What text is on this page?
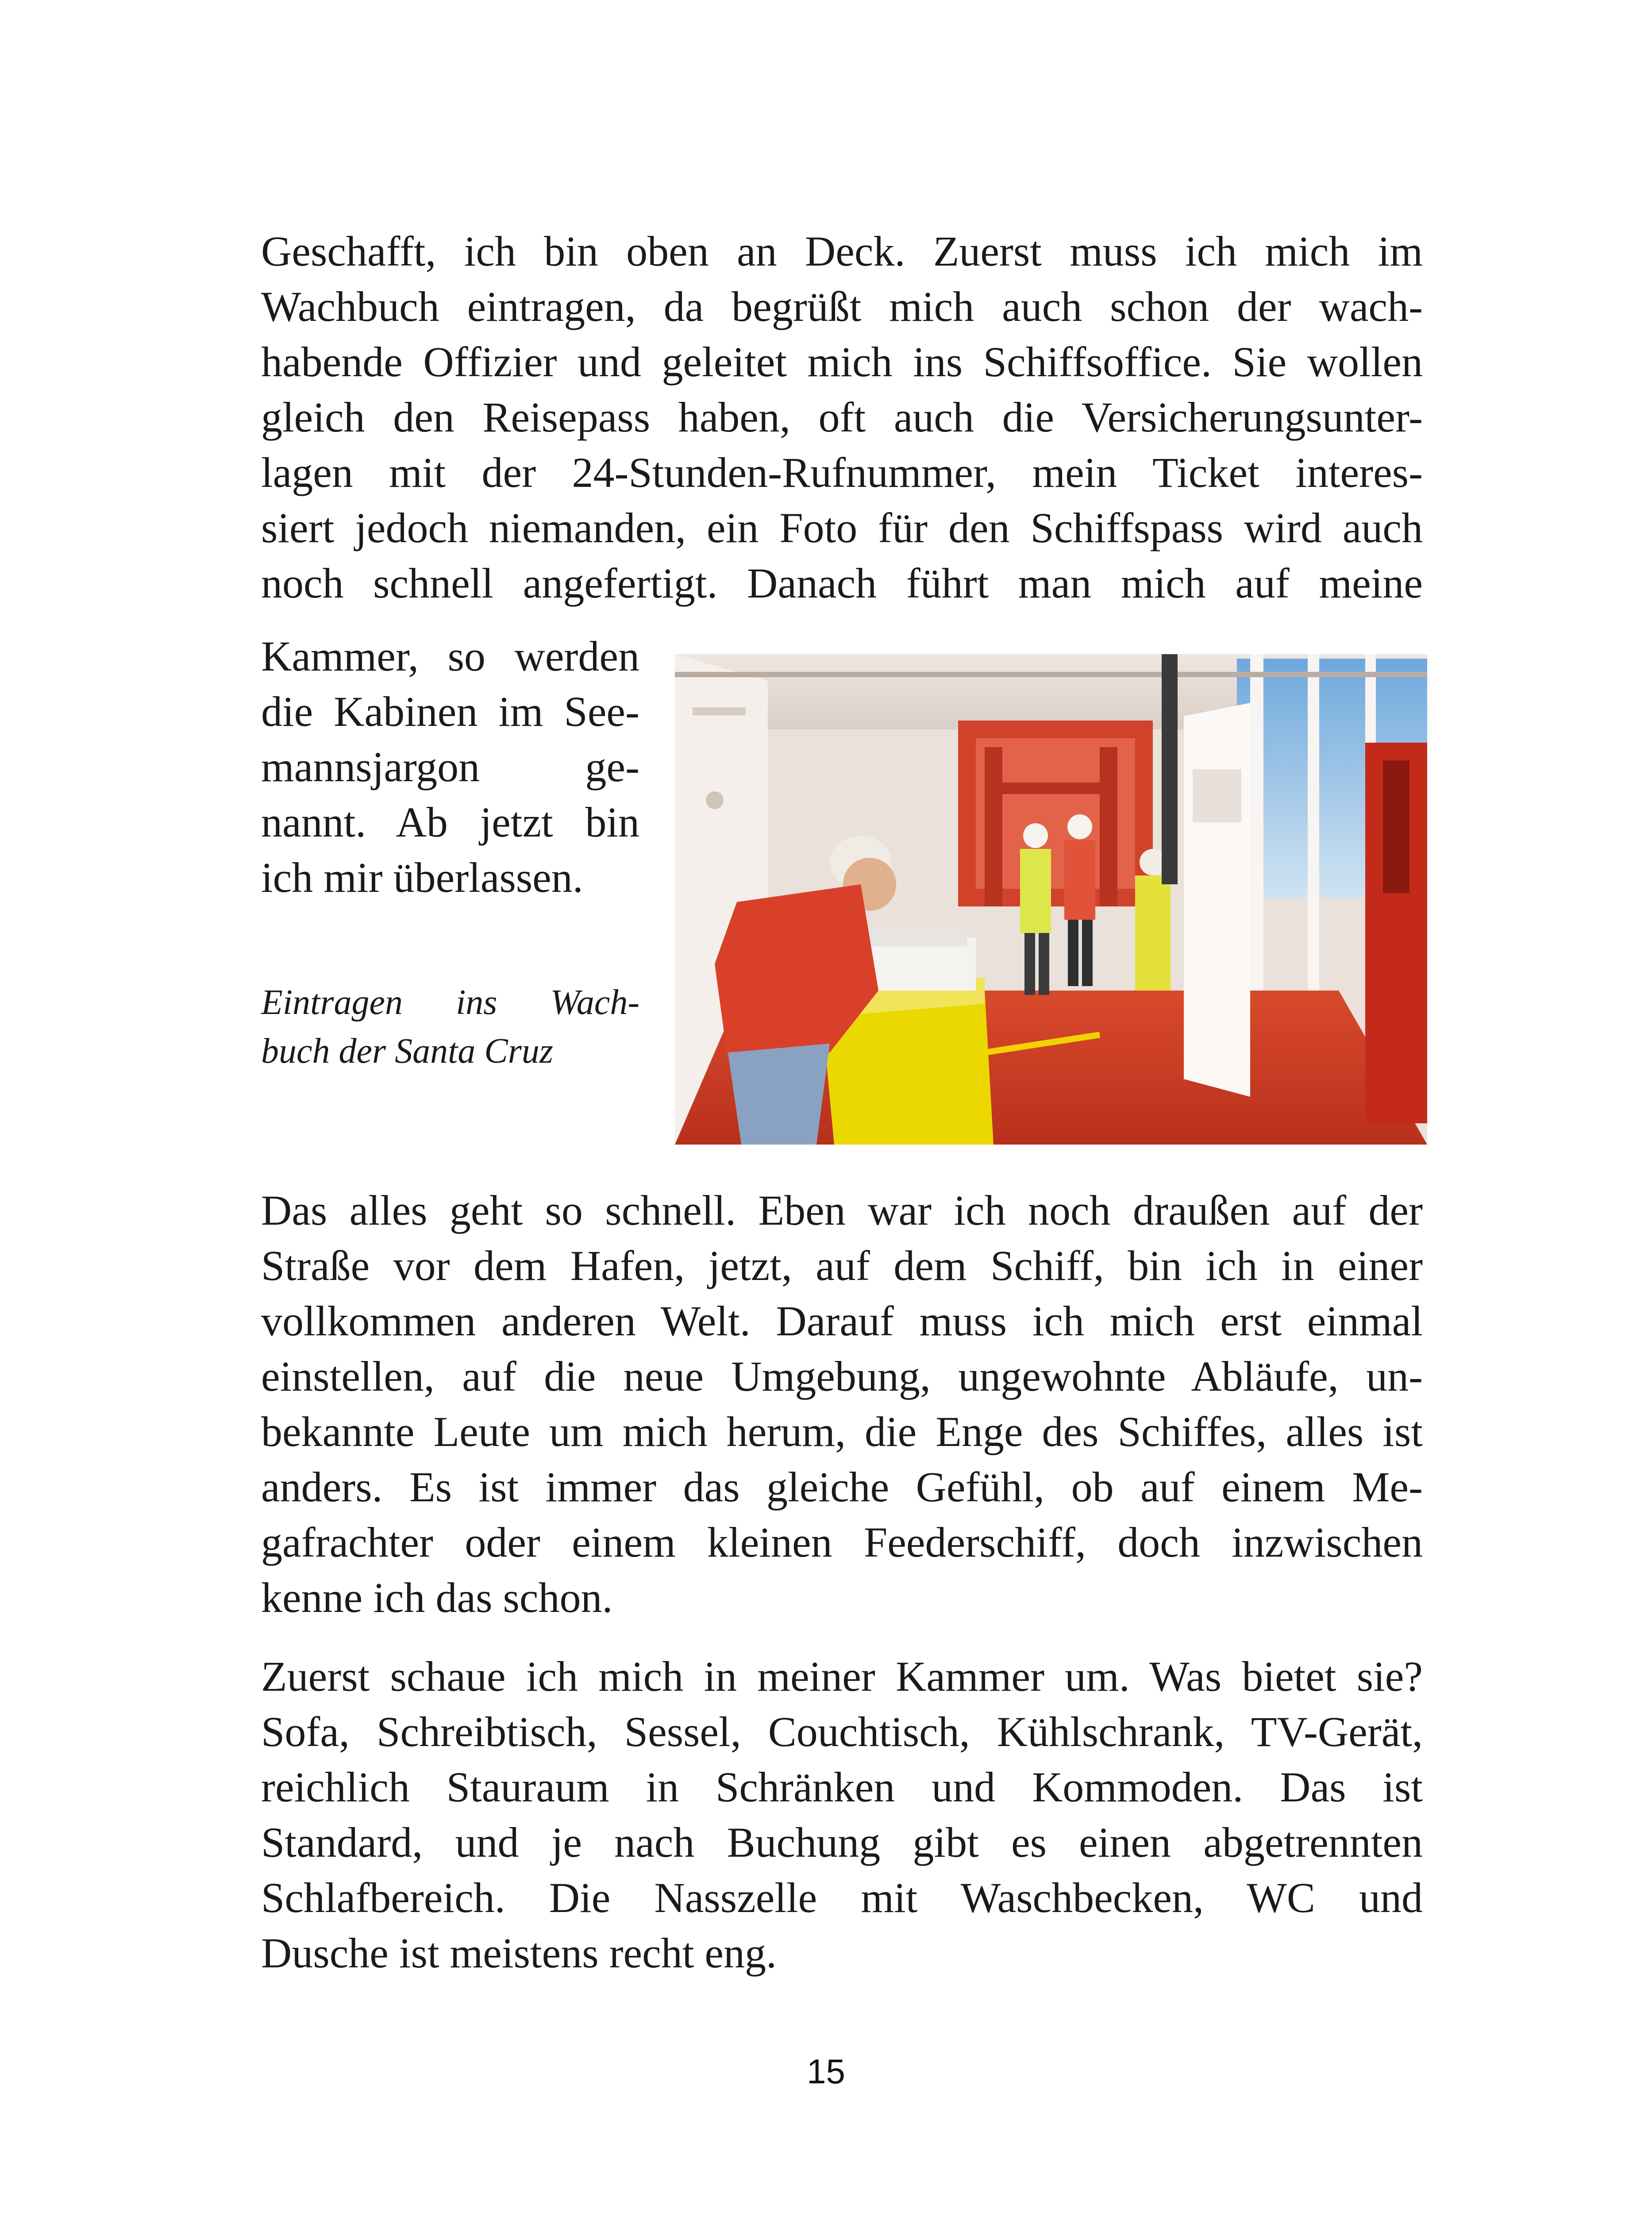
Geschafft, ich bin oben an Deck. Zuerst muss ich mich im
Wachbuch eintragen, da begrüßt mich auch schon der wach-
habende Offizier und geleitet mich ins Schiffsoffice. Sie wollen
gleich den Reisepass haben, oft auch die Versicherungsunter-
lagen mit der 24-Stunden-Rufnummer, mein Ticket interes-
siert jedoch niemanden, ein Foto für den Schiffspass wird auch
noch schnell angefertigt. Danach führt man mich auf meine

Kammer, so werden
die Kabinen im See-
mannsjargon ge-
nannt. Ab jetzt bin
ich mir überlassen.

Eintragen ins Wach-
buch der Santa Cruz

Das alles geht so schnell. Eben war ich noch draußen auf der
Straße vor dem Hafen, jetzt, auf dem Schiff, bin ich in einer
vollkommen anderen Welt. Darauf muss ich mich erst einmal
einstellen, auf die neue Umgebung, ungewohnte Abläufe, un-
bekannte Leute um mich herum, die Enge des Schiffes, alles ist
anders. Es ist immer das gleiche Gefühl, ob auf einem Me-
gafrachter oder einem kleinen Feederschiff, doch inzwischen
kenne ich das schon.

Zuerst schaue ich mich in meiner Kammer um. Was bietet sie?
Sofa, Schreibtisch, Sessel, Couchtisch, Kühlschrank, TV-Gerät,
reichlich Stauraum in Schränken und Kommoden. Das ist
Standard, und je nach Buchung gibt es einen abgetrennten
Schlafbereich. Die Nasszelle mit Waschbecken, WC und
Dusche ist meistens recht eng.

15
